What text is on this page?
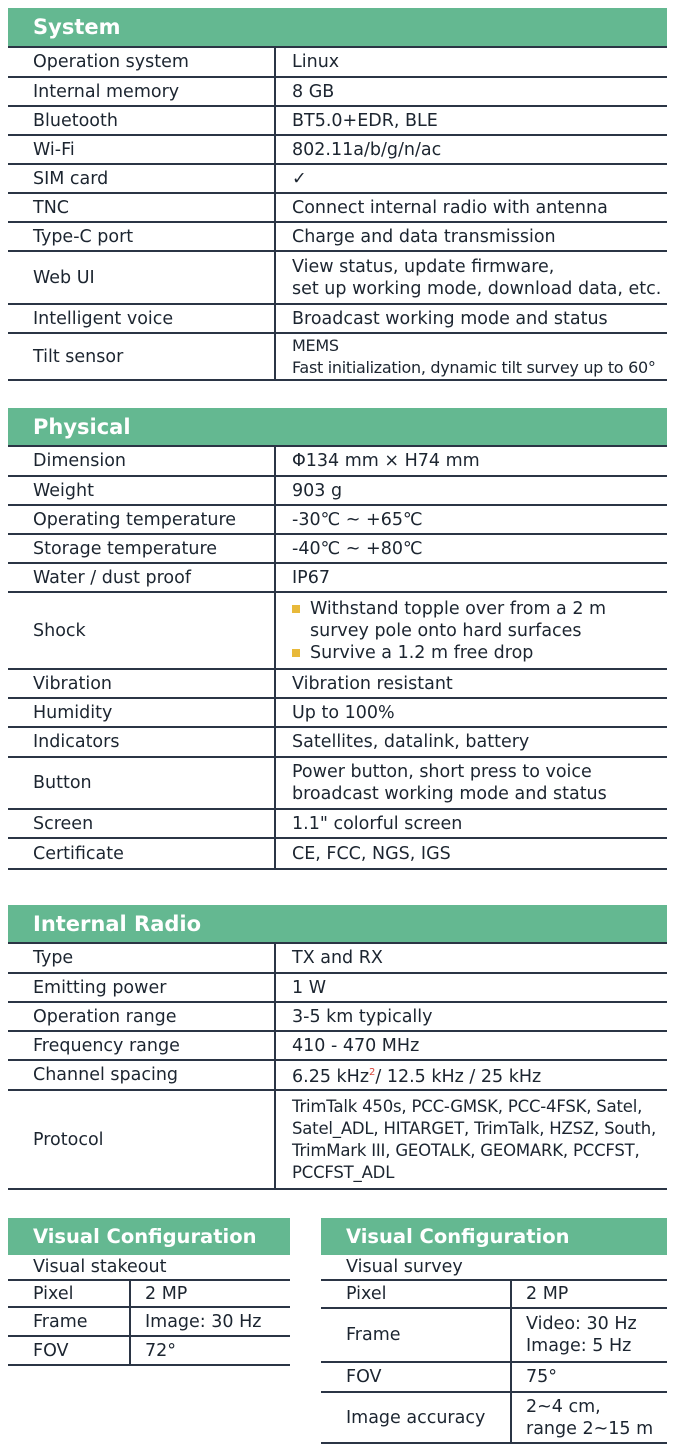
System
Operation system	Linux
Internal memory	8 GB
Bluetooth	BT5.0+EDR, BLE
Wi-Fi	802.11a/b/g/n/ac
SIM card	✓
TNC	Connect internal radio with antenna
Type-C port	Charge and data transmission
Web UI	View status, update firmware,
set up working mode, download data, etc.

Intelligent voice	Broadcast working mode and status
Tilt sensor	MEMS
Fast initialization, dynamic tilt survey up to 60°
Physical
Dimension	Φ134 mm × H74 mm
Weight	903 g
Operating temperature	-30℃ ~ +65℃
Storage temperature	-40℃ ~ +80℃
Water / dust proof	IP67
Shock	Withstand topple over from a 2 m survey pole onto hard surfaces
Survive a 1.2 m free drop

Vibration	Vibration resistant
Humidity	Up to 100%
Indicators	Satellites, datalink, battery
Button	Power button, short press to voice
broadcast working mode and status

Screen	1.1" colorful screen
Certificate	CE, FCC, NGS, IGS
Internal Radio
Type	TX and RX
Emitting power	1 W
Operation range	3-5 km typically
Frequency range	410 - 470 MHz
Channel spacing	6.25 kHz$^2$/ 12.5 kHz / 25 kHz
Protocol	TrimTalk 450s, PCC-GMSK, PCC-4FSK, Satel, Satel_ADL, HITARGET, TrimTalk, HZSZ, South, TrimMark III, GEOTALK, GEOMARK, PCCFST, PCCFST_ADL
Visual Configuration
Visual stakeout
Pixel	2 MP
Frame	Image: 30 Hz
FOV	72°
Visual Configuration
Visual survey
Pixel	2 MP
Frame	Video: 30 Hz
Image: 5 Hz

FOV	75°
Image accuracy	2~4 cm,
range 2~15 m
